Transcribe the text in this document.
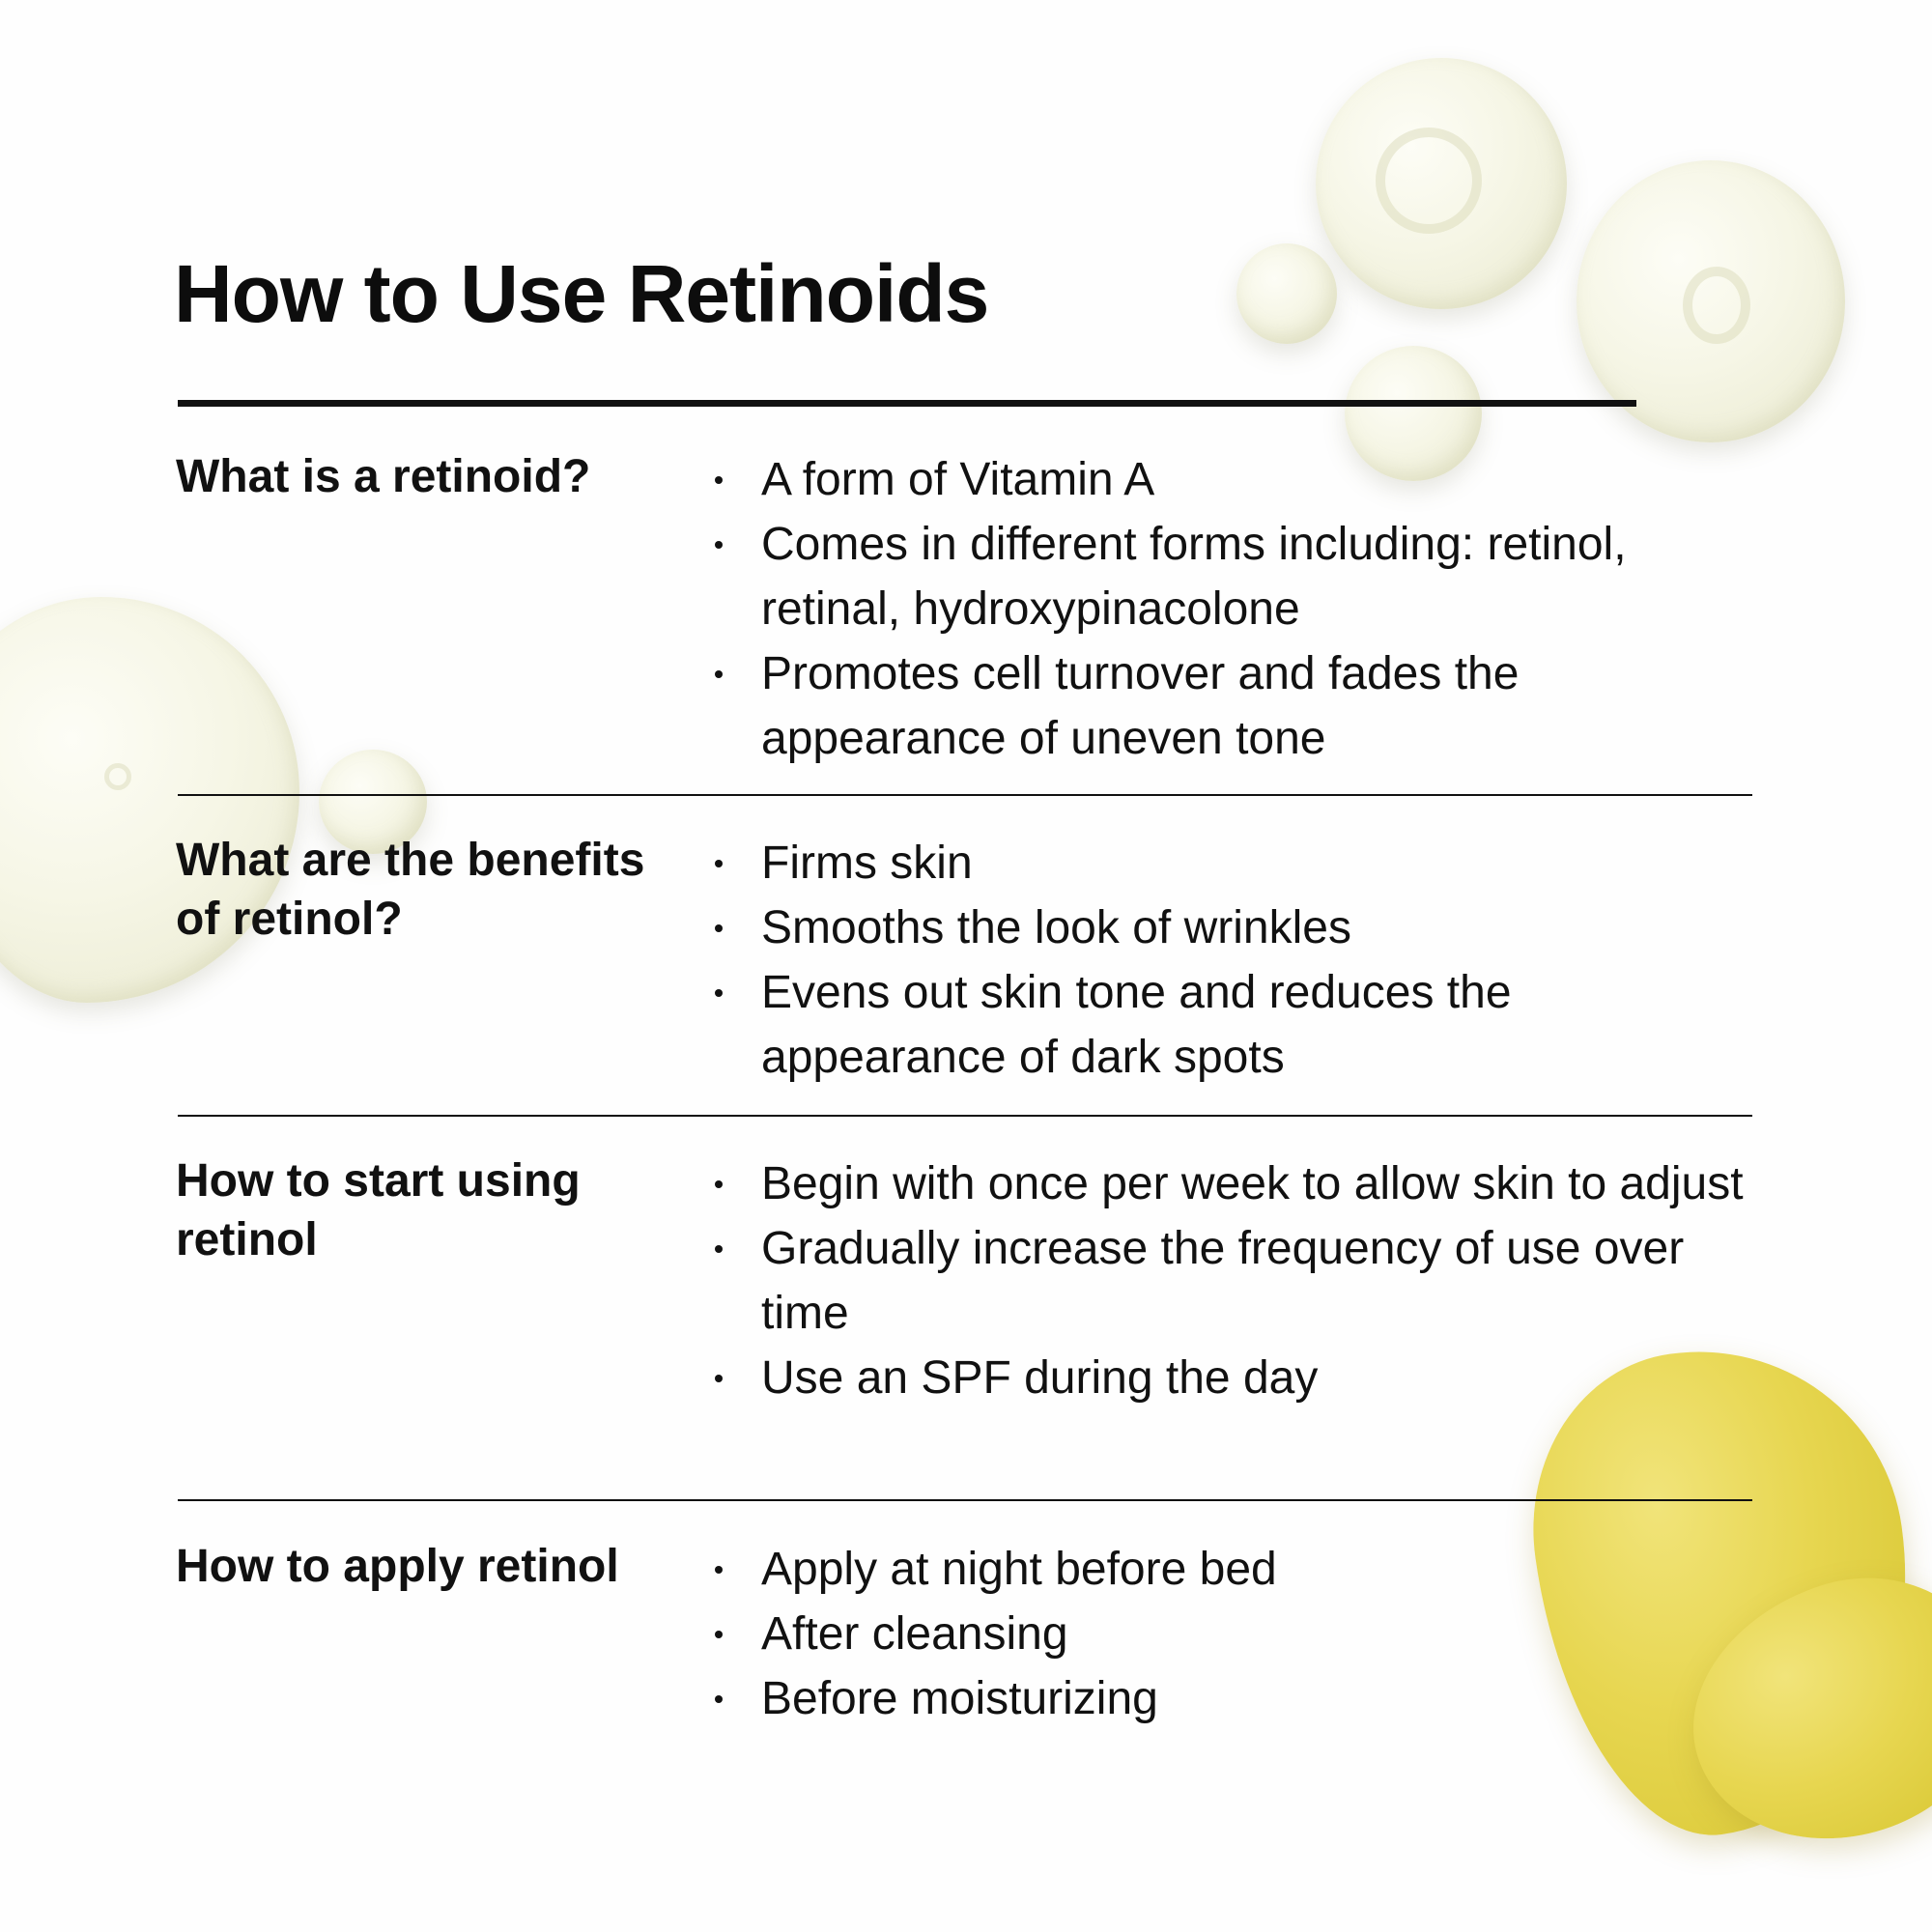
How to Use Retinoids
What is a retinoid?	A form of Vitamin A
Comes in different forms including: retinol, retinal, hydroxypinacolone
Promotes cell turnover and fades the appearance of uneven tone
What are the benefits of retinol?
Firms skin
Smooths the look of wrinkles
Evens out skin tone and reduces the appearance of dark spots
How to start using retinol
Begin with once per week to allow skin to adjust
Gradually increase the frequency of use over time
Use an SPF during the day
How to apply retinol	Apply at night before bed
After cleansing
Before moisturizing
